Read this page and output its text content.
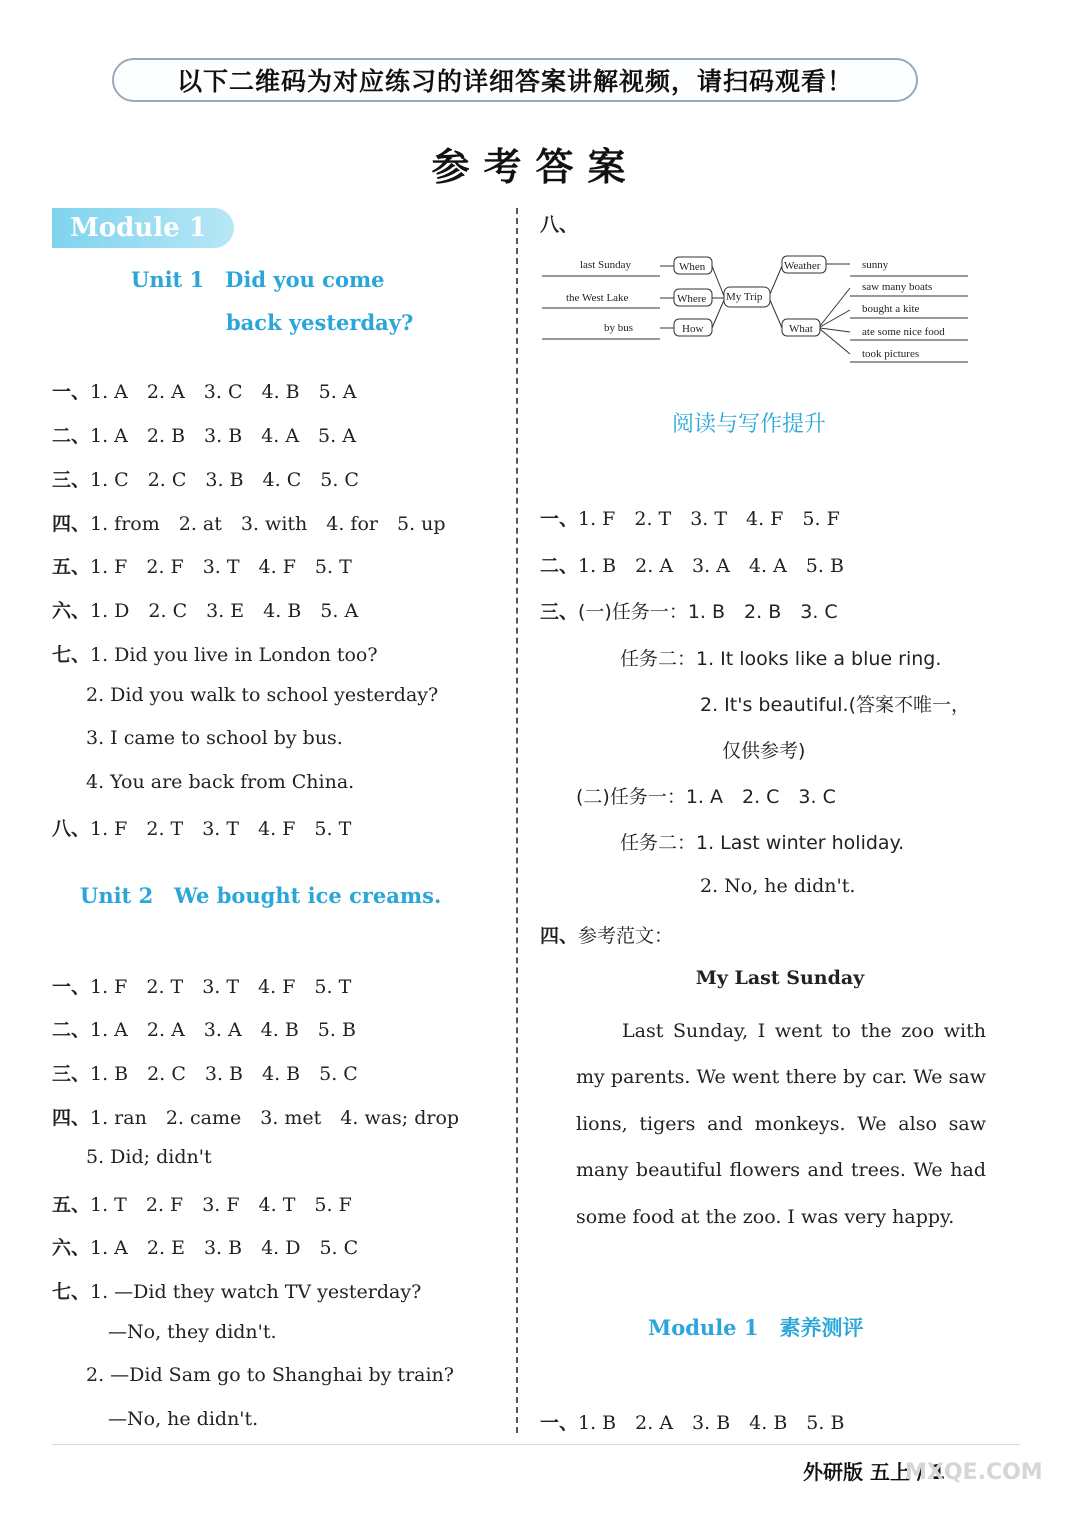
以下二维码为对应练习的详细答案讲解视频，请扫码观看！
参考答案
Module 1
Unit 1　Did you come
back yesterday?
一、1. A　2. A　3. C　4. B　5. A
二、1. A　2. B　3. B　4. A　5. A
三、1. C　2. C　3. B　4. C　5. C
四、1. from　2. at　3. with　4. for　5. up
五、1. F　2. F　3. T　4. F　5. T
六、1. D　2. C　3. E　4. B　5. A
七、1. Did you live in London too?
2. Did you walk to school yesterday?
3. I came to school by bus.
4. You are back from China.
八、1. F　2. T　3. T　4. F　5. T
Unit 2　We bought ice creams.
一、1. F　2. T　3. T　4. F　5. T
二、1. A　2. A　3. A　4. B　5. B
三、1. B　2. C　3. B　4. B　5. C
四、1. ran　2. came　3. met　4. was; drop
5. Did; didn't
五、1. T　2. F　3. F　4. T　5. F
六、1. A　2. E　3. B　4. D　5. C
七、1. —Did they watch TV yesterday?
—No, they didn't.
2. —Did Sam go to Shanghai by train?
—No, he didn't.
八、
last Sunday
the West Lake
by bus
When
Where
How
My Trip
Weather
What
sunny
saw many boats
bought a kite
ate some nice food
took pictures
阅读与写作提升
一、1. F　2. T　3. T　4. F　5. F
二、1. B　2. A　3. A　4. A　5. B
三、(一)任务一：1. B　2. B　3. C
任务二：1. It looks like a blue ring.
2. It's beautiful.(答案不唯一，
仅供参考)
(二)任务一：1. A　2. C　3. C
任务二：1. Last winter holiday.
2. No, he didn't.
四、参考范文：
My Last Sunday
Last Sunday, I went to the zoo with my parents. We went there by car. We saw lions, tigers and monkeys. We also saw many beautiful flowers and trees. We had some food at the zoo. I was very happy.
Module 1　素养测评
一、1. B　2. A　3. B　4. B　5. B
外研版 五上 / 1
MXQE.COM
